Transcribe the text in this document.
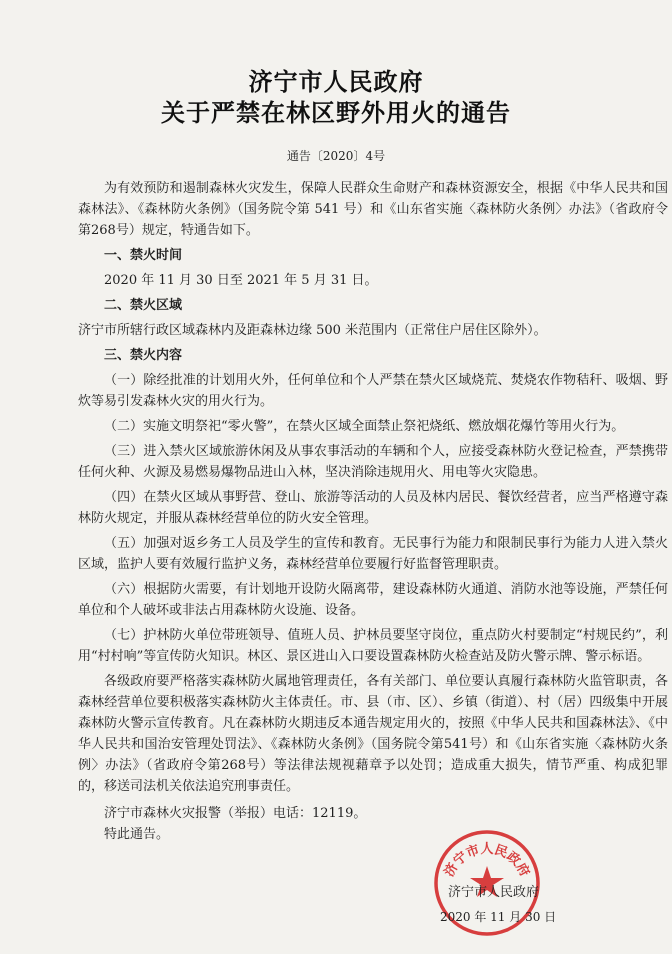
济宁市人民政府
关于严禁在林区野外用火的通告
通告〔2020〕4号

为有效预防和遏制森林火灾发生，保障人民群众生命财产和森林资源安全，根据《中华人民共和国森林法》、《森林防火条例》（国务院令第 541 号）和《山东省实施〈森林防火条例〉办法》（省政府令第268号）规定，特通告如下。

一、禁火时间

2020 年 11 月 30 日至 2021 年 5 月 31 日。

二、禁火区域

济宁市所辖行政区域森林内及距森林边缘 500 米范围内（正常住户居住区除外）。

三、禁火内容

（一）除经批准的计划用火外，任何单位和个人严禁在禁火区域烧荒、焚烧农作物秸秆、吸烟、野炊等易引发森林火灾的用火行为。

（二）实施文明祭祀“零火警”，在禁火区域全面禁止祭祀烧纸、燃放烟花爆竹等用火行为。

（三）进入禁火区域旅游休闲及从事农事活动的车辆和个人，应接受森林防火登记检查，严禁携带任何火种、火源及易燃易爆物品进山入林，坚决消除违规用火、用电等火灾隐患。

（四）在禁火区域从事野营、登山、旅游等活动的人员及林内居民、餐饮经营者，应当严格遵守森林防火规定，并服从森林经营单位的防火安全管理。

（五）加强对返乡务工人员及学生的宣传和教育。无民事行为能力和限制民事行为能力人进入禁火区域，监护人要有效履行监护义务，森林经营单位要履行好监督管理职责。

（六）根据防火需要，有计划地开设防火隔离带，建设森林防火通道、消防水池等设施，严禁任何单位和个人破坏或非法占用森林防火设施、设备。

（七）护林防火单位带班领导、值班人员、护林员要坚守岗位，重点防火村要制定“村规民约”，利用“村村响”等宣传防火知识。林区、景区进山入口要设置森林防火检查站及防火警示牌、警示标语。

各级政府要严格落实森林防火属地管理责任，各有关部门、单位要认真履行森林防火监管职责，各森林经营单位要积极落实森林防火主体责任。市、县（市、区）、乡镇（街道）、村（居）四级集中开展森林防火警示宣传教育。凡在森林防火期违反本通告规定用火的，按照《中华人民共和国森林法》、《中华人民共和国治安管理处罚法》、《森林防火条例》（国务院令第541号）和《山东省实施〈森林防火条例〉办法》（省政府令第268号）等法律法规视藉章予以处罚；造成重大损失，情节严重、构成犯罪的，移送司法机关依法追究刑事责任。

济宁市森林火灾报警（举报）电话：12119。

特此通告。

济宁市人民政府
济宁市人民政府
2020 年 11 月 30 日
